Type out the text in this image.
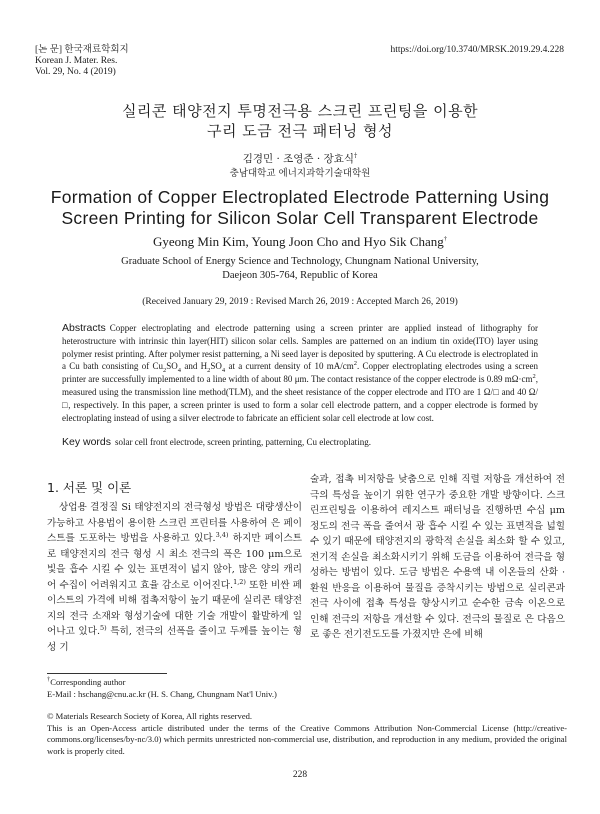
[논 문] 한국재료학회지
Korean J. Mater. Res.
Vol. 29, No. 4 (2019)
https://doi.org/10.3740/MRSK.2019.29.4.228
실리콘 태양전지 투명전극용 스크린 프린팅을 이용한
구리 도금 전극 패터닝 형성
김경민 · 조영준 · 장효식†
충남대학교 에너지과학기술대학원
Formation of Copper Electroplated Electrode Patterning Using
Screen Printing for Silicon Solar Cell Transparent Electrode
Gyeong Min Kim, Young Joon Cho and Hyo Sik Chang†
Graduate School of Energy Science and Technology, Chungnam National University,
Daejeon 305-764, Republic of Korea
(Received January 29, 2019 : Revised March 26, 2019 : Accepted March 26, 2019)
Abstracts Copper electroplating and electrode patterning using a screen printer are applied instead of lithography for heterostructure with intrinsic thin layer(HIT) silicon solar cells. Samples are patterned on an indium tin oxide(ITO) layer using polymer resist printing. After polymer resist patterning, a Ni seed layer is deposited by sputtering. A Cu electrode is electroplated in a Cu bath consisting of $Cu_2SO_4$ and $H_2SO_4$ at a current density of 10 $mA/cm^2$. Copper electroplating electrodes using a screen printer are successfully implemented to a line width of about 80 μm. The contact resistance of the copper electrode is 0.89 $m\Omega\cdot cm^2$, measured using the transmission line method(TLM), and the sheet resistance of the copper electrode and ITO are 1 Ω/□ and 40 Ω/□, respectively. In this paper, a screen printer is used to form a solar cell electrode pattern, and a copper electrode is formed by electroplating instead of using a silver electrode to fabricate an efficient solar cell electrode at low cost.
Key words solar cell front electrode, screen printing, patterning, Cu electroplating.
1. 서론 및 이론

상업용 결정질 Si 태양전지의 전극형성 방법은 대량생산이 가능하고 사용법이 용이한 스크린 프린터를 사용하여 은 페이스트를 도포하는 방법을 사용하고 있다.$^{3,4)}$ 하지만 페이스트로 태양전지의 전극 형성 시 최소 전극의 폭은 100 μm으로 빛을 흡수 시킬 수 있는 표면적이 넓지 않아, 많은 양의 캐리어 수집이 어려워지고 효율 감소로 이어진다.$^{1,2)}$ 또한 비싼 페이스트의 가격에 비해 접촉저항이 높기 때문에 실리콘 태양전지의 전극 소재와 형성기술에 대한 기술 개발이 활발하게 일어나고 있다.$^{5)}$ 특히, 전극의 선폭을 줄이고 두께를 높이는 형성 기

술과, 접촉 비저항을 낮춤으로 인해 직렬 저항을 개선하여 전극의 특성을 높이기 위한 연구가 중요한 개발 방향이다. 스크린프린팅을 이용하여 레지스트 패터닝을 진행하면 수십 μm 정도의 전극 폭을 줄여서 광 흡수 시킬 수 있는 표면적을 넓힐 수 있기 때문에 태양전지의 광학적 손실을 최소화 할 수 있고, 전기적 손실을 최소화시키기 위해 도금을 이용하여 전극을 형성하는 방법이 있다. 도금 방법은 수용액 내 이온들의 산화 · 환원 반응을 이용하여 물질을 증착시키는 방법으로 실리콘과 전극 사이에 접촉 특성을 향상시키고 순수한 금속 이온으로 인해 전극의 저항을 개선할 수 있다. 전극의 물질로 은 다음으로 좋은 전기전도도를 가졌지만 은에 비해

†Corresponding author
E-Mail : hschang@cnu.ac.kr (H. S. Chang, Chungnam Nat'l Univ.)
© Materials Research Society of Korea, All rights reserved.
This is an Open-Access article distributed under the terms of the Creative Commons Attribution Non-Commercial License (http://creative-commons.org/licenses/by-nc/3.0) which permits unrestricted non-commercial use, distribution, and reproduction in any medium, provided the original work is properly cited.
228
